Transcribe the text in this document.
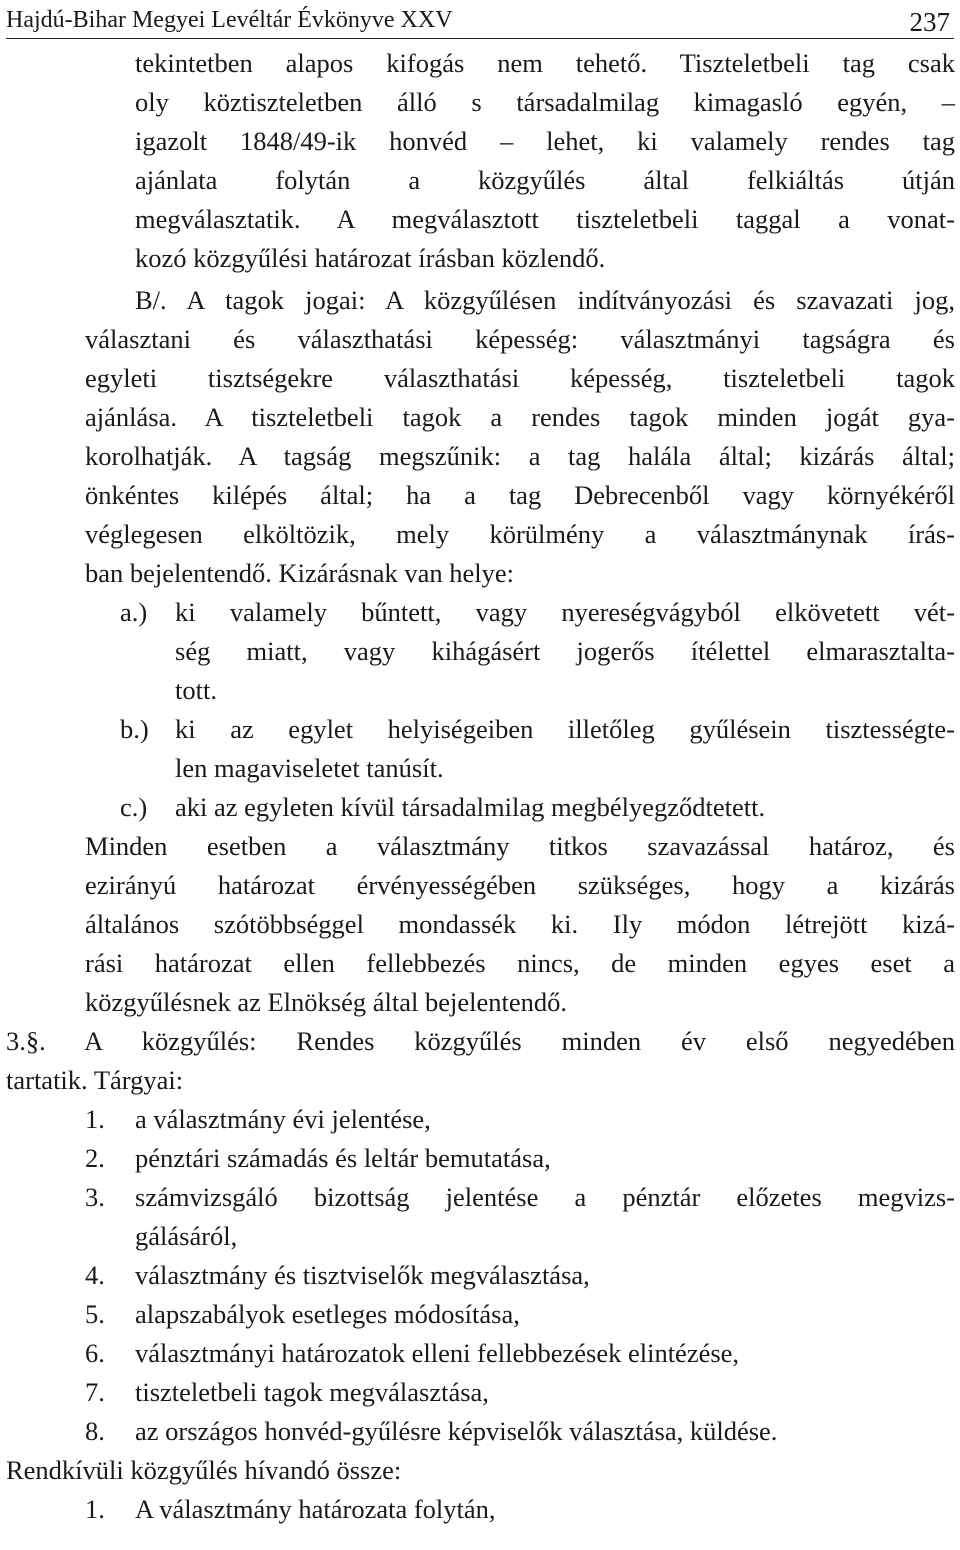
Hajdú-Bihar Megyei Levéltár Évkönyve XXV	237
tekintetben alapos kifogás nem tehető. Tiszteletbeli tag csak
oly köztiszteletben álló s társadalmilag kimagasló egyén, –
igazolt 1848/49-ik honvéd – lehet, ki valamely rendes tag
ajánlata folytán a közgyűlés által felkiáltás útján
megválasztatik. A megválasztott tiszteletbeli taggal a vonat-
kozó közgyűlési határozat írásban közlendő.
B/. A tagok jogai: A közgyűlésen indítványozási és szavazati jog,
választani és választhatási képesség: választmányi tagságra és
egyleti tisztségekre választhatási képesség, tiszteletbeli tagok
ajánlása. A tiszteletbeli tagok a rendes tagok minden jogát gya-
korolhatják. A tagság megszűnik: a tag halála által; kizárás által;
önkéntes kilépés által; ha a tag Debrecenből vagy környékéről
véglegesen elköltözik, mely körülmény a választmánynak írás-
ban bejelentendő. Kizárásnak van helye:
a.) ki valamely bűntett, vagy nyereségvágyból elkövetett vét-
ség miatt, vagy kihágásért jogerős ítélettel elmarasztalta-
tott.
b.) ki az egylet helyiségeiben illetőleg gyűlésein tisztességte-
len magaviseletet tanúsít.
c.) aki az egyleten kívül társadalmilag megbélyegződtetett.
Minden esetben a választmány titkos szavazással határoz, és
ezirányú határozat érvényességében szükséges, hogy a kizárás
általános szótöbbséggel mondassék ki. Ily módon létrejött kizá-
rási határozat ellen fellebbezés nincs, de minden egyes eset a
közgyűlésnek az Elnökség által bejelentendő.
3.§. A közgyűlés: Rendes közgyűlés minden év első negyedében
tartatik. Tárgyai:
1. a választmány évi jelentése,
2. pénztári számadás és leltár bemutatása,
3. számvizsgáló bizottság jelentése a pénztár előzetes megvizs-
gálásáról,
4. választmány és tisztviselők megválasztása,
5. alapszabályok esetleges módosítása,
6. választmányi határozatok elleni fellebbezések elintézése,
7. tiszteletbeli tagok megválasztása,
8. az országos honvéd-gyűlésre képviselők választása, küldése.
Rendkívüli közgyűlés hívandó össze:
1. A választmány határozata folytán,
